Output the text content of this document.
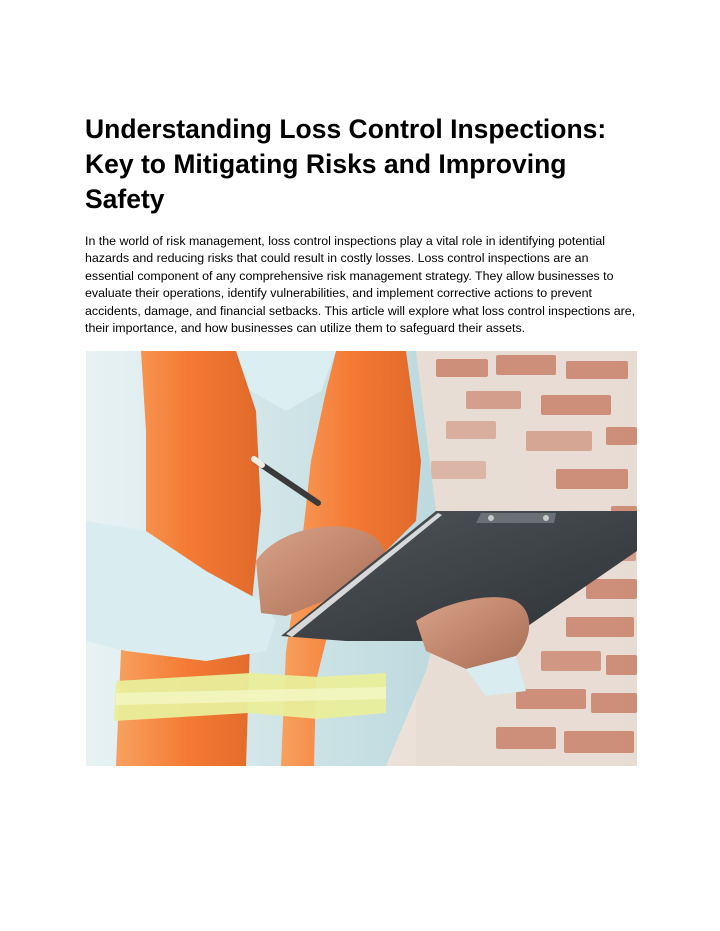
Understanding Loss Control Inspections: Key to Mitigating Risks and Improving Safety

In the world of risk management, loss control inspections play a vital role in identifying potential hazards and reducing risks that could result in costly losses. Loss control inspections are an essential component of any comprehensive risk management strategy. They allow businesses to evaluate their operations, identify vulnerabilities, and implement corrective actions to prevent accidents, damage, and financial setbacks. This article will explore what loss control inspections are, their importance, and how businesses can utilize them to safeguard their assets.
